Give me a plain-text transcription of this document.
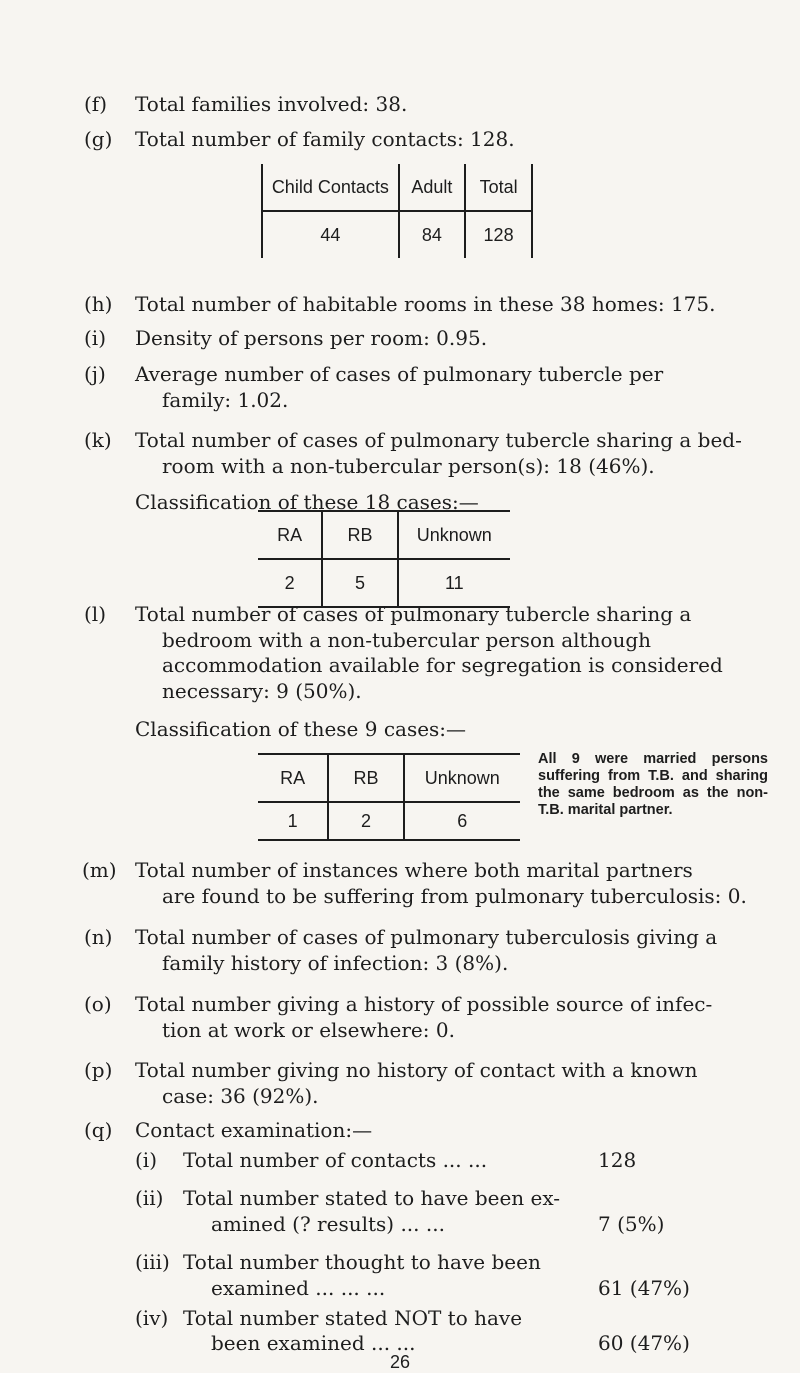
(f) Total families involved: 38.
(g) Total number of family contacts: 128.
Child Contacts	Adult	Total
44	84	128
(h) Total number of habitable rooms in these 38 homes: 175.
(i) Density of persons per room: 0.95.
(j) Average number of cases of pulmonary tubercle per
family: 1.02.
(k) Total number of cases of pulmonary tubercle sharing a bed-
room with a non-tubercular person(s): 18 (46%).
Classification of these 18 cases:—
RA	RB	Unknown
2	5	11
(l) Total number of cases of pulmonary tubercle sharing a
bedroom with a non-tubercular person although
accommodation available for segregation is considered
necessary: 9 (50%).
Classification of these 9 cases:—
RA	RB	Unknown
1	2	6
All 9 were married persons suffering from T.B. and sharing the same bedroom as the non-T.B. marital partner.
(m) Total number of instances where both marital partners
are found to be suffering from pulmonary tuberculosis: 0.
(n) Total number of cases of pulmonary tuberculosis giving a
family history of infection: 3 (8%).
(o) Total number giving a history of possible source of infec-
tion at work or elsewhere: 0.
(p) Total number giving no history of contact with a known
case: 36 (92%).
(q) Contact examination:—
(i) Total number of contacts ... ...	128
(ii) Total number stated to have been ex-
amined (? results) ... ...	7 (5%)
(iii) Total number thought to have been
examined ... ... ...	61 (47%)
(iv) Total number stated NOT to have
been examined ... ...	60 (47%)
26
